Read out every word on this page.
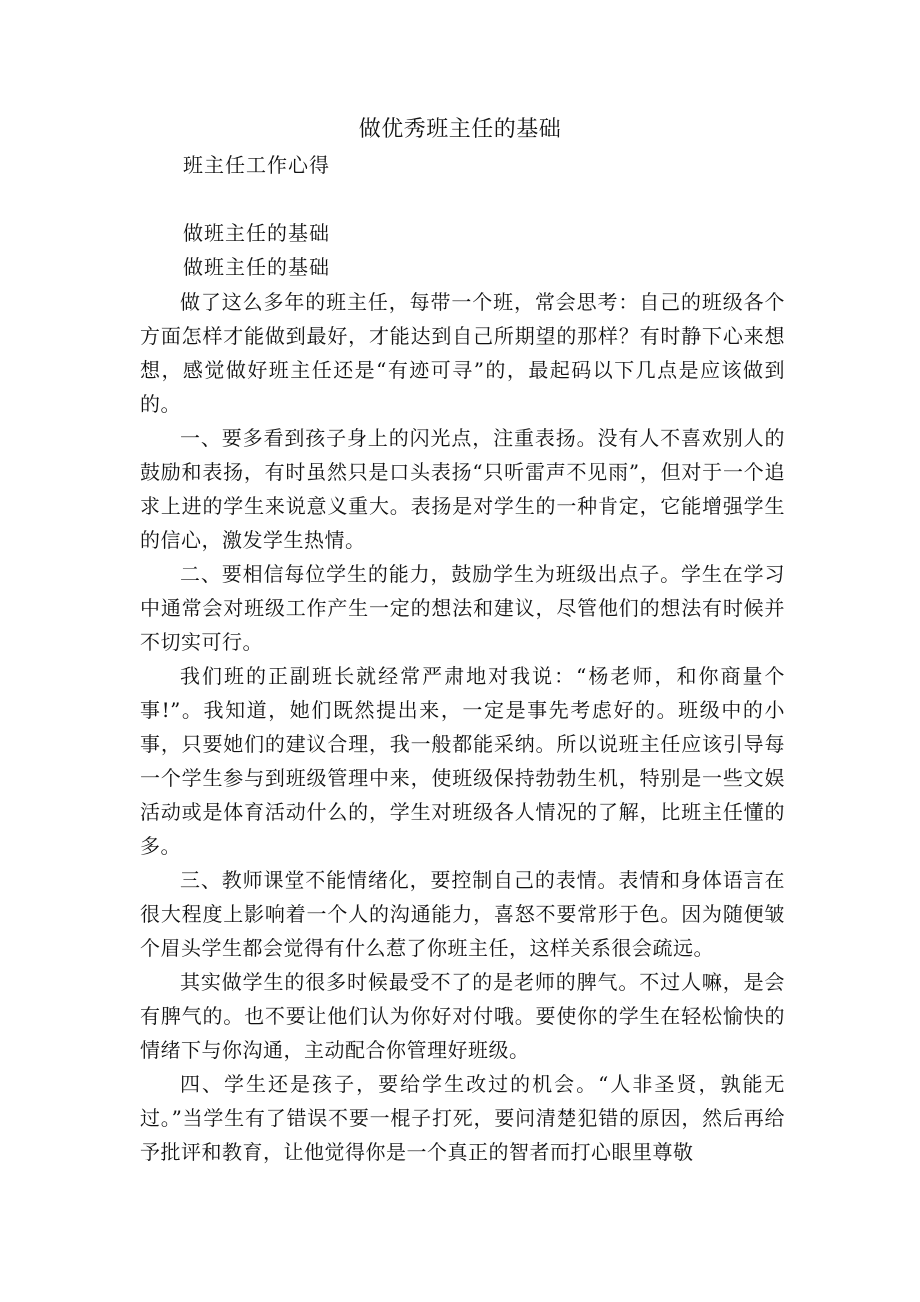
做优秀班主任的基础
班主任工作心得
做班主任的基础
做班主任的基础

做了这么多年的班主任，每带一个班，常会思考：自己的班级各个方面怎样才能做到最好，才能达到自己所期望的那样？有时静下心来想想，感觉做好班主任还是“有迹可寻”的，最起码以下几点是应该做到的。

一、要多看到孩子身上的闪光点，注重表扬。没有人不喜欢别人的鼓励和表扬，有时虽然只是口头表扬“只听雷声不见雨”，但对于一个追求上进的学生来说意义重大。表扬是对学生的一种肯定，它能增强学生的信心，激发学生热情。

二、要相信每位学生的能力，鼓励学生为班级出点子。学生在学习中通常会对班级工作产生一定的想法和建议，尽管他们的想法有时候并不切实可行。

我们班的正副班长就经常严肃地对我说：“杨老师，和你商量个事!”。我知道，她们既然提出来，一定是事先考虑好的。班级中的小事，只要她们的建议合理，我一般都能采纳。所以说班主任应该引导每一个学生参与到班级管理中来，使班级保持勃勃生机，特别是一些文娱活动或是体育活动什么的，学生对班级各人情况的了解，比班主任懂的多。

三、教师课堂不能情绪化，要控制自己的表情。表情和身体语言在很大程度上影响着一个人的沟通能力，喜怒不要常形于色。因为随便皱个眉头学生都会觉得有什么惹了你班主任，这样关系很会疏远。

其实做学生的很多时候最受不了的是老师的脾气。不过人嘛，是会有脾气的。也不要让他们认为你好对付哦。要使你的学生在轻松愉快的情绪下与你沟通，主动配合你管理好班级。

四、学生还是孩子，要给学生改过的机会。“人非圣贤，孰能无过。”当学生有了错误不要一棍子打死，要问清楚犯错的原因，然后再给予批评和教育，让他觉得你是一个真正的智者而打心眼里尊敬
